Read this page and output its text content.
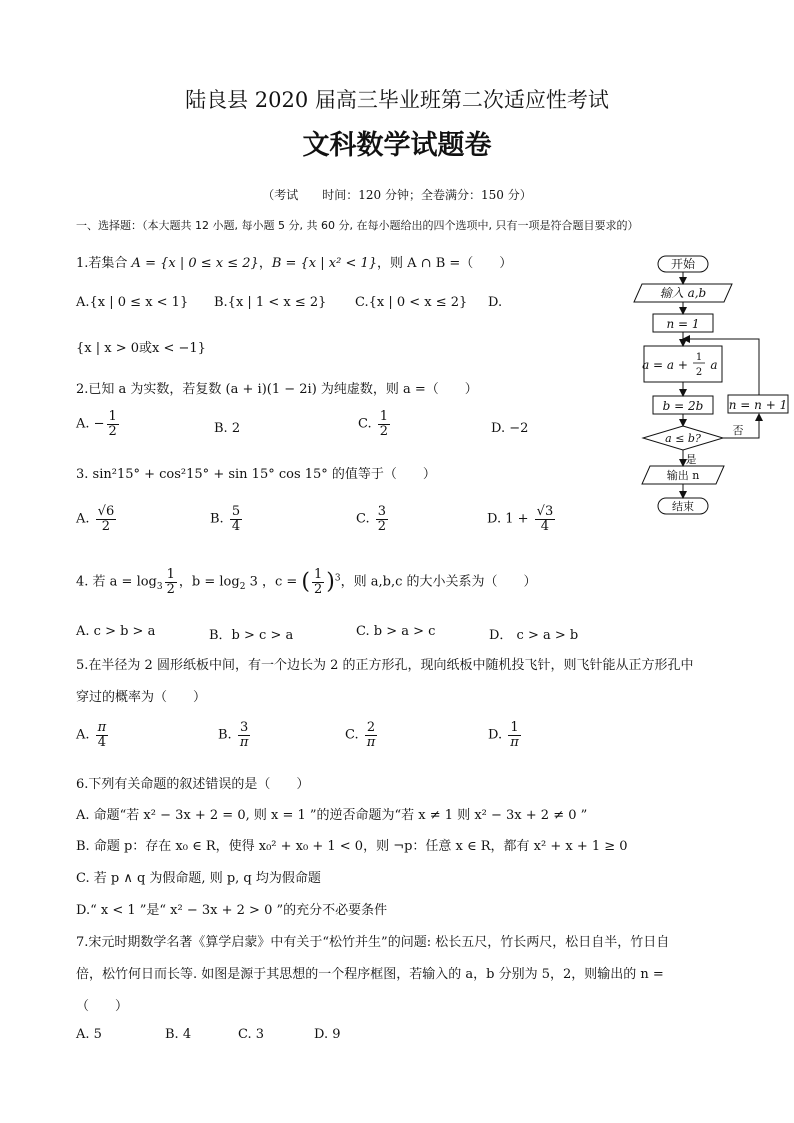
陆良县 2020 届高三毕业班第二次适应性考试
文科数学试题卷
（考试　　时间：120 分钟；全卷满分：150 分）
一、选择题：（本大题共 12 小题, 每小题 5 分, 共 60 分, 在每小题给出的四个选项中, 只有一项是符合题目要求的）
1.若集合 A = {x | 0 ≤ x ≤ 2}，B = {x | x² < 1}，则 A ∩ B =（　　）
A.{x | 0 ≤ x < 1} B.{x | 1 < x ≤ 2} C.{x | 0 < x ≤ 2} D.
{x | x > 0或x < −1}
2.已知 a 为实数，若复数 (a + i)(1 − 2i) 为纯虚数，则 a =（　　）
A. − $\frac{1}{2}$	B. 2	C. $\frac{1}{2}$	D. −2
3. sin²15° + cos²15° + sin 15° cos 15° 的值等于（　　）
A. $\frac{√6}{2}$	B. $\frac{5}{4}$	C. $\frac{3}{2}$	D. $1 + \frac{√3}{4}$
4. 若 $a = \log_3 \frac{1}{2}$ ，$b = \log_2 3$ ，c = ( $\frac{1}{2} )^3$，则 a,b,c 的大小关系为（　　）
A. c > b > a	B．b > c > a	C. b > a > c	D． c > a > b
5.在半径为 2 圆形纸板中间，有一个边长为 2 的正方形孔，现向纸板中随机投飞针，则飞针能从正方形孔中
穿过的概率为（　　）
A. $\frac{\pi}{4}$	B. $\frac{3}{\pi}$	C. $\frac{2}{\pi}$	D. $\frac{1}{\pi}$
6.下列有关命题的叙述错误的是（　　）
A. 命题“若 x² − 3x + 2 = 0, 则 x = 1 ”的逆否命题为“若 x ≠ 1 则 x² − 3x + 2 ≠ 0 ”
B. 命题 p：存在 x₀ ∈ R，使得 x₀² + x₀ + 1 < 0，则 ¬p：任意 x ∈ R，都有 x² + x + 1 ≥ 0
C. 若 p ∧ q 为假命题, 则 p, q 均为假命题
D.“ x < 1 ”是“ x² − 3x + 2 > 0 ”的充分不必要条件
7.宋元时期数学名著《算学启蒙》中有关于“松竹并生”的问题: 松长五尺，竹长两尺，松日自半，竹日自
倍，松竹何日而长等. 如图是源于其思想的一个程序框图，若输入的 a，b 分别为 5，2，则输出的 n =
（　　）
A. 5	B. 4	C. 3	D. 9
开始
输入 a,b
n = 1
a = a +
1
2
a
b = 2b
a ≤ b?
n = n + 1
否
是
输出 n
结束
